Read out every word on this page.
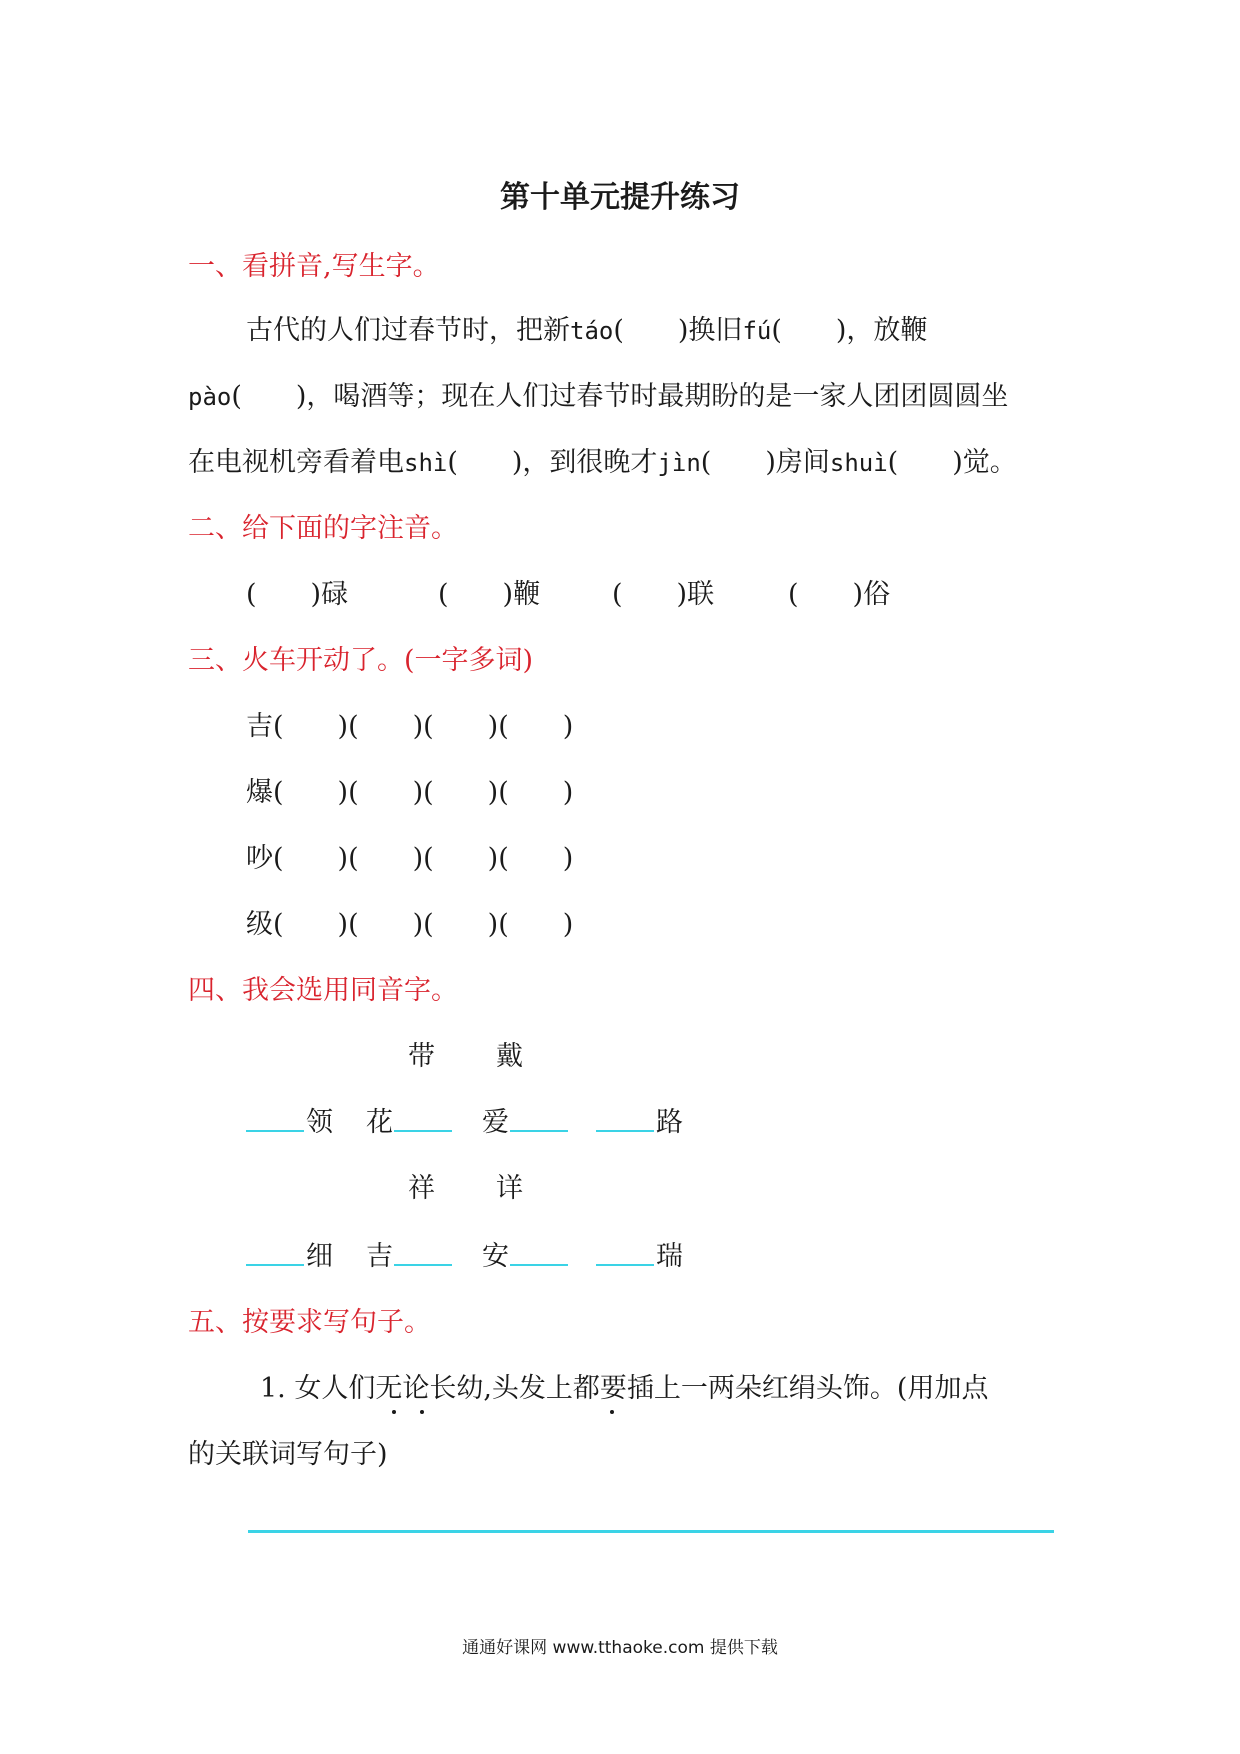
第十单元提升练习
一、看拼音,写生字。
古代的人们过春节时，把新táo(　　)换旧fú(　　)，放鞭
pào(　　)，喝酒等；现在人们过春节时最期盼的是一家人团团圆圆坐
在电视机旁看着电shì(　　)，到很晚才jìn(　　)房间shuì(　　)觉。
二、给下面的字注音。
(　　)碌	(　　)鞭	(　　)联	(　　)俗
三、火车开动了。(一字多词)
吉(　　)(　　)(　　)(　　)
爆(　　)(　　)(　　)(　　)
吵(　　)(　　)(　　)(　　)
级(　　)(　　)(　　)(　　)
四、我会选用同音字。
带 戴
领 花	爱	路
祥 详
细 吉	安	瑞
五、按要求写句子。
1. 女人们无论长幼,头发上都要插上一两朵红绢头饰。(用加点
的关联词写句子)
通通好课网 www.tthaoke.com 提供下载
